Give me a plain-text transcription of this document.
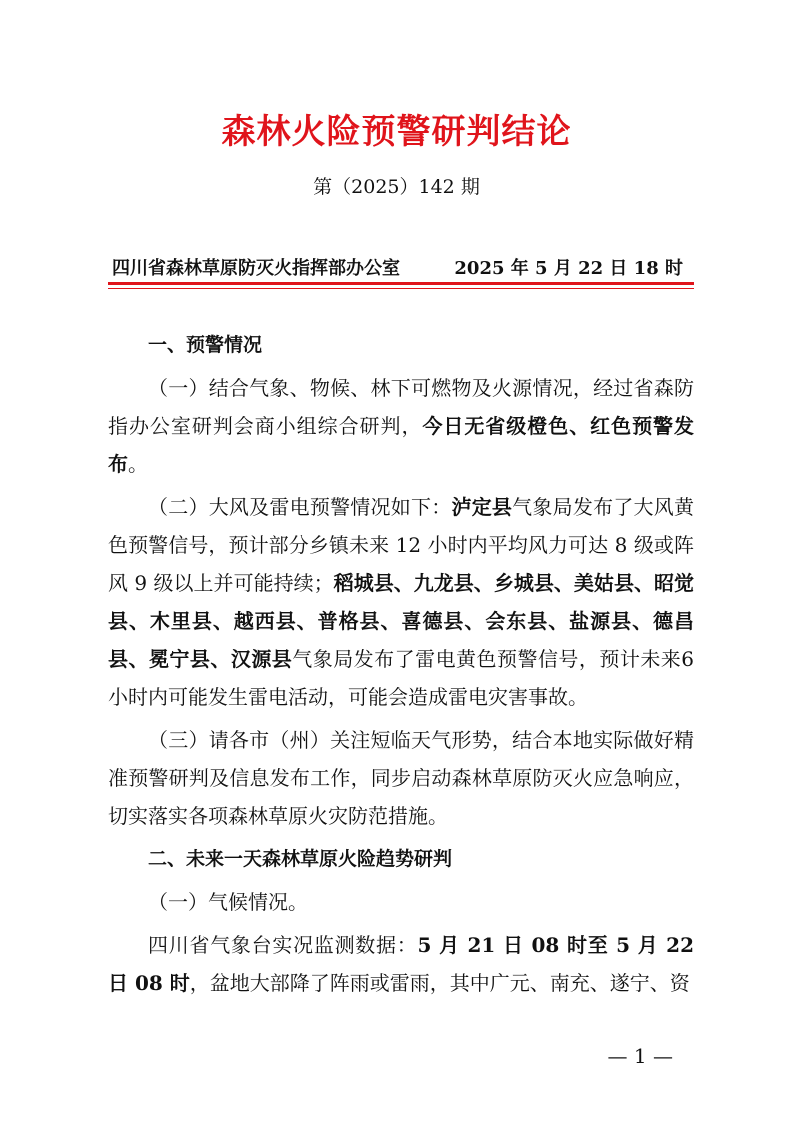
森林火险预警研判结论
第（2025）142 期
四川省森林草原防灭火指挥部办公室	2025 年 5 月 22 日 18 时

一、预警情况

（一）结合气象、物候、林下可燃物及火源情况，经过省森防指办公室研判会商小组综合研判，今日无省级橙色、红色预警发布。

（二）大风及雷电预警情况如下：泸定县气象局发布了大风黄色预警信号，预计部分乡镇未来 12 小时内平均风力可达 8 级或阵风 9 级以上并可能持续；稻城县、九龙县、乡城县、美姑县、昭觉县、木里县、越西县、普格县、喜德县、会东县、盐源县、德昌县、冕宁县、汉源县气象局发布了雷电黄色预警信号，预计未来6 小时内可能发生雷电活动，可能会造成雷电灾害事故。

（三）请各市（州）关注短临天气形势，结合本地实际做好精准预警研判及信息发布工作，同步启动森林草原防灭火应急响应，切实落实各项森林草原火灾防范措施。

二、未来一天森林草原火险趋势研判

（一）气候情况。

四川省气象台实况监测数据：5 月 21 日 08 时至 5 月 22 日 08 时，盆地大部降了阵雨或雷雨，其中广元、南充、遂宁、资

— 1 —
